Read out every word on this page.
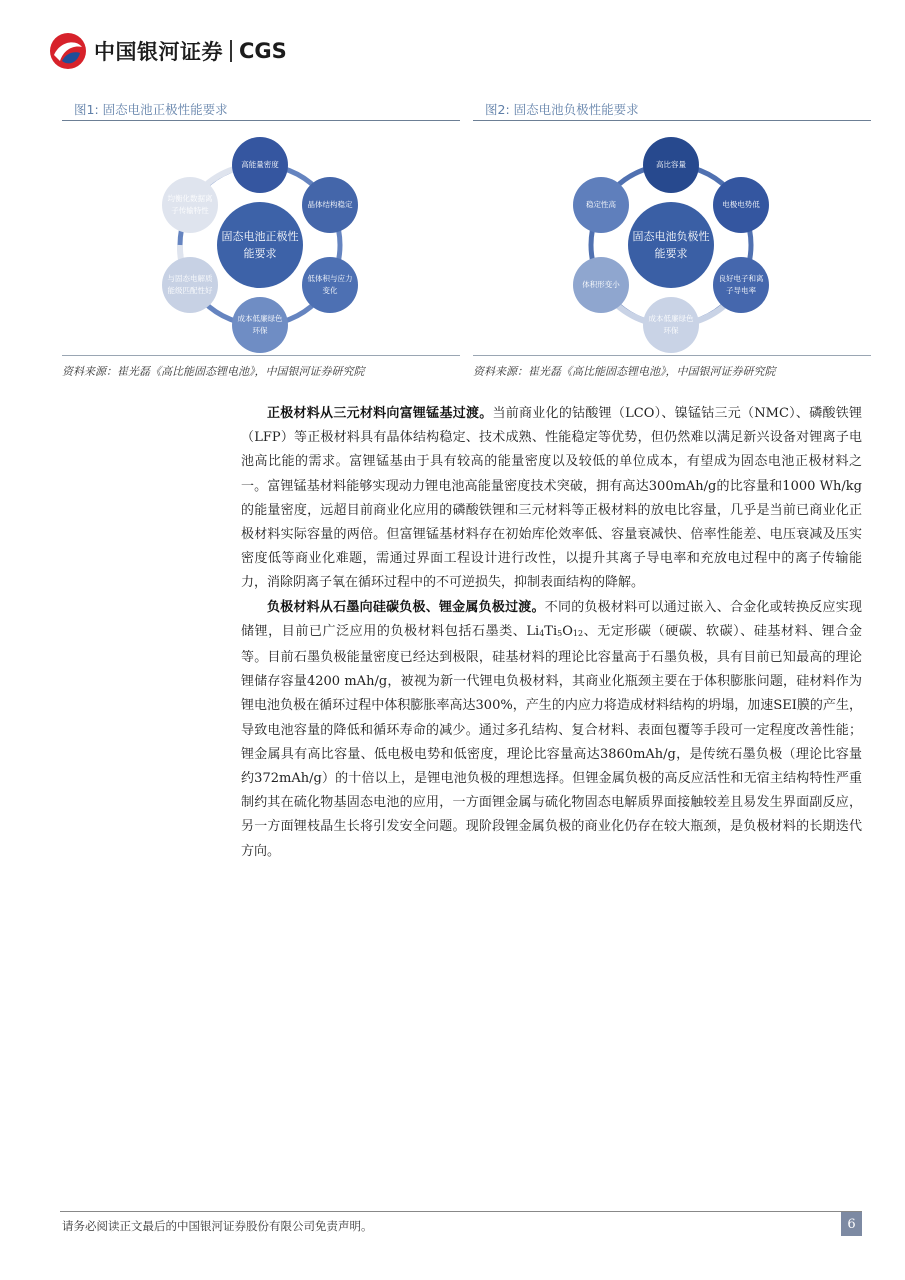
中国银河证券 CGS
图1: 固态电池正极性能要求
固态电池正极性能要求
高能量密度
晶体结构稳定
低体积与应力变化
成本低廉绿色环保
与固态电解质能级匹配性好
均衡化数据离子传输特性
资料来源：崔光磊《高比能固态锂电池》，中国银河证券研究院
图2: 固态电池负极性能要求
固态电池负极性能要求
高比容量
电极电势低
良好电子和离子导电率
成本低廉绿色环保
体积形变小
稳定性高
资料来源：崔光磊《高比能固态锂电池》，中国银河证券研究院

正极材料从三元材料向富锂锰基过渡。当前商业化的钴酸锂（LCO）、镍锰钴三元（NMC）、磷酸铁锂（LFP）等正极材料具有晶体结构稳定、技术成熟、性能稳定等优势，但仍然难以满足新兴设备对锂离子电池高比能的需求。富锂锰基由于具有较高的能量密度以及较低的单位成本，有望成为固态电池正极材料之一。富锂锰基材料能够实现动力锂电池高能量密度技术突破，拥有高达300mAh/g的比容量和1000 Wh/kg的能量密度，远超目前商业化应用的磷酸铁锂和三元材料等正极材料的放电比容量，几乎是当前已商业化正极材料实际容量的两倍。但富锂锰基材料存在初始库伦效率低、容量衰减快、倍率性能差、电压衰减及压实密度低等商业化难题，需通过界面工程设计进行改性，以提升其离子导电率和充放电过程中的离子传输能力，消除阴离子氧在循环过程中的不可逆损失，抑制表面结构的降解。

负极材料从石墨向硅碳负极、锂金属负极过渡。不同的负极材料可以通过嵌入、合金化或转换反应实现储锂，目前已广泛应用的负极材料包括石墨类、$Li_4Ti_5O_{12}$、无定形碳（硬碳、软碳）、硅基材料、锂合金等。目前石墨负极能量密度已经达到极限，硅基材料的理论比容量高于石墨负极，具有目前已知最高的理论锂储存容量4200 mAh/g，被视为新一代锂电负极材料，其商业化瓶颈主要在于体积膨胀问题，硅材料作为锂电池负极在循环过程中体积膨胀率高达300%，产生的内应力将造成材料结构的坍塌，加速SEI膜的产生，导致电池容量的降低和循环寿命的减少。通过多孔结构、复合材料、表面包覆等手段可一定程度改善性能；锂金属具有高比容量、低电极电势和低密度，理论比容量高达3860mAh/g，是传统石墨负极（理论比容量约372mAh/g）的十倍以上，是锂电池负极的理想选择。但锂金属负极的高反应活性和无宿主结构特性严重制约其在硫化物基固态电池的应用，一方面锂金属与硫化物固态电解质界面接触较差且易发生界面副反应，另一方面锂枝晶生长将引发安全问题。现阶段锂金属负极的商业化仍存在较大瓶颈，是负极材料的长期迭代方向。

请务必阅读正文最后的中国银河证券股份有限公司免责声明。	6
